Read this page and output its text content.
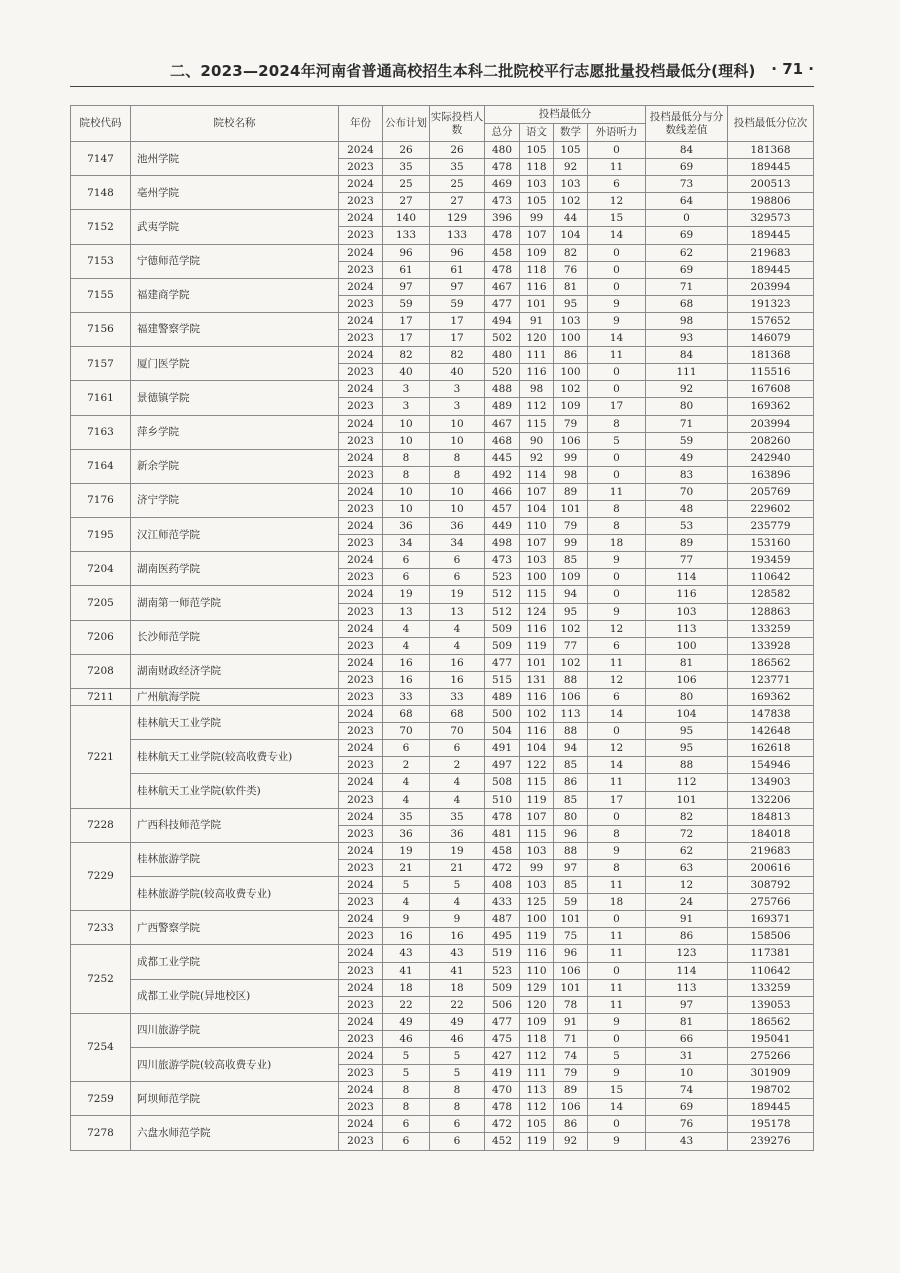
二、2023—2024年河南省普通高校招生本科二批院校平行志愿批量投档最低分(理科) · 71 ·
院校代码	院校名称	年份	公布计划	实际投档人数	投档最低分				投档最低分与分数线差值	投档最低分位次
					总分	语文	数学	外语听力		
7147	池州学院	2024	26	26	480	105	105	0	84	181368
		2023	35	35	478	118	92	11	69	189445
7148	亳州学院	2024	25	25	469	103	103	6	73	200513
		2023	27	27	473	105	102	12	64	198806
7152	武夷学院	2024	140	129	396	99	44	15	0	329573
		2023	133	133	478	107	104	14	69	189445
7153	宁德师范学院	2024	96	96	458	109	82	0	62	219683
		2023	61	61	478	118	76	0	69	189445
7155	福建商学院	2024	97	97	467	116	81	0	71	203994
		2023	59	59	477	101	95	9	68	191323
7156	福建警察学院	2024	17	17	494	91	103	9	98	157652
		2023	17	17	502	120	100	14	93	146079
7157	厦门医学院	2024	82	82	480	111	86	11	84	181368
		2023	40	40	520	116	100	0	111	115516
7161	景德镇学院	2024	3	3	488	98	102	0	92	167608
		2023	3	3	489	112	109	17	80	169362
7163	萍乡学院	2024	10	10	467	115	79	8	71	203994
		2023	10	10	468	90	106	5	59	208260
7164	新余学院	2024	8	8	445	92	99	0	49	242940
		2023	8	8	492	114	98	0	83	163896
7176	济宁学院	2024	10	10	466	107	89	11	70	205769
		2023	10	10	457	104	101	8	48	229602
7195	汉江师范学院	2024	36	36	449	110	79	8	53	235779
		2023	34	34	498	107	99	18	89	153160
7204	湖南医药学院	2024	6	6	473	103	85	9	77	193459
		2023	6	6	523	100	109	0	114	110642
7205	湖南第一师范学院	2024	19	19	512	115	94	0	116	128582
		2023	13	13	512	124	95	9	103	128863
7206	长沙师范学院	2024	4	4	509	116	102	12	113	133259
		2023	4	4	509	119	77	6	100	133928
7208	湖南财政经济学院	2024	16	16	477	101	102	11	81	186562
		2023	16	16	515	131	88	12	106	123771
7211	广州航海学院	2023	33	33	489	116	106	6	80	169362
7221	桂林航天工业学院	2024	68	68	500	102	113	14	104	147838
		2023	70	70	504	116	88	0	95	142648
	桂林航天工业学院(较高收费专业)	2024	6	6	491	104	94	12	95	162618
		2023	2	2	497	122	85	14	88	154946
	桂林航天工业学院(软件类)	2024	4	4	508	115	86	11	112	134903
		2023	4	4	510	119	85	17	101	132206
7228	广西科技师范学院	2024	35	35	478	107	80	0	82	184813
		2023	36	36	481	115	96	8	72	184018
7229	桂林旅游学院	2024	19	19	458	103	88	9	62	219683
		2023	21	21	472	99	97	8	63	200616
	桂林旅游学院(较高收费专业)	2024	5	5	408	103	85	11	12	308792
		2023	4	4	433	125	59	18	24	275766
7233	广西警察学院	2024	9	9	487	100	101	0	91	169371
		2023	16	16	495	119	75	11	86	158506
7252	成都工业学院	2024	43	43	519	116	96	11	123	117381
		2023	41	41	523	110	106	0	114	110642
	成都工业学院(异地校区)	2024	18	18	509	129	101	11	113	133259
		2023	22	22	506	120	78	11	97	139053
7254	四川旅游学院	2024	49	49	477	109	91	9	81	186562
		2023	46	46	475	118	71	0	66	195041
	四川旅游学院(较高收费专业)	2024	5	5	427	112	74	5	31	275266
		2023	5	5	419	111	79	9	10	301909
7259	阿坝师范学院	2024	8	8	470	113	89	15	74	198702
		2023	8	8	478	112	106	14	69	189445
7278	六盘水师范学院	2024	6	6	472	105	86	0	76	195178
		2023	6	6	452	119	92	9	43	239276
